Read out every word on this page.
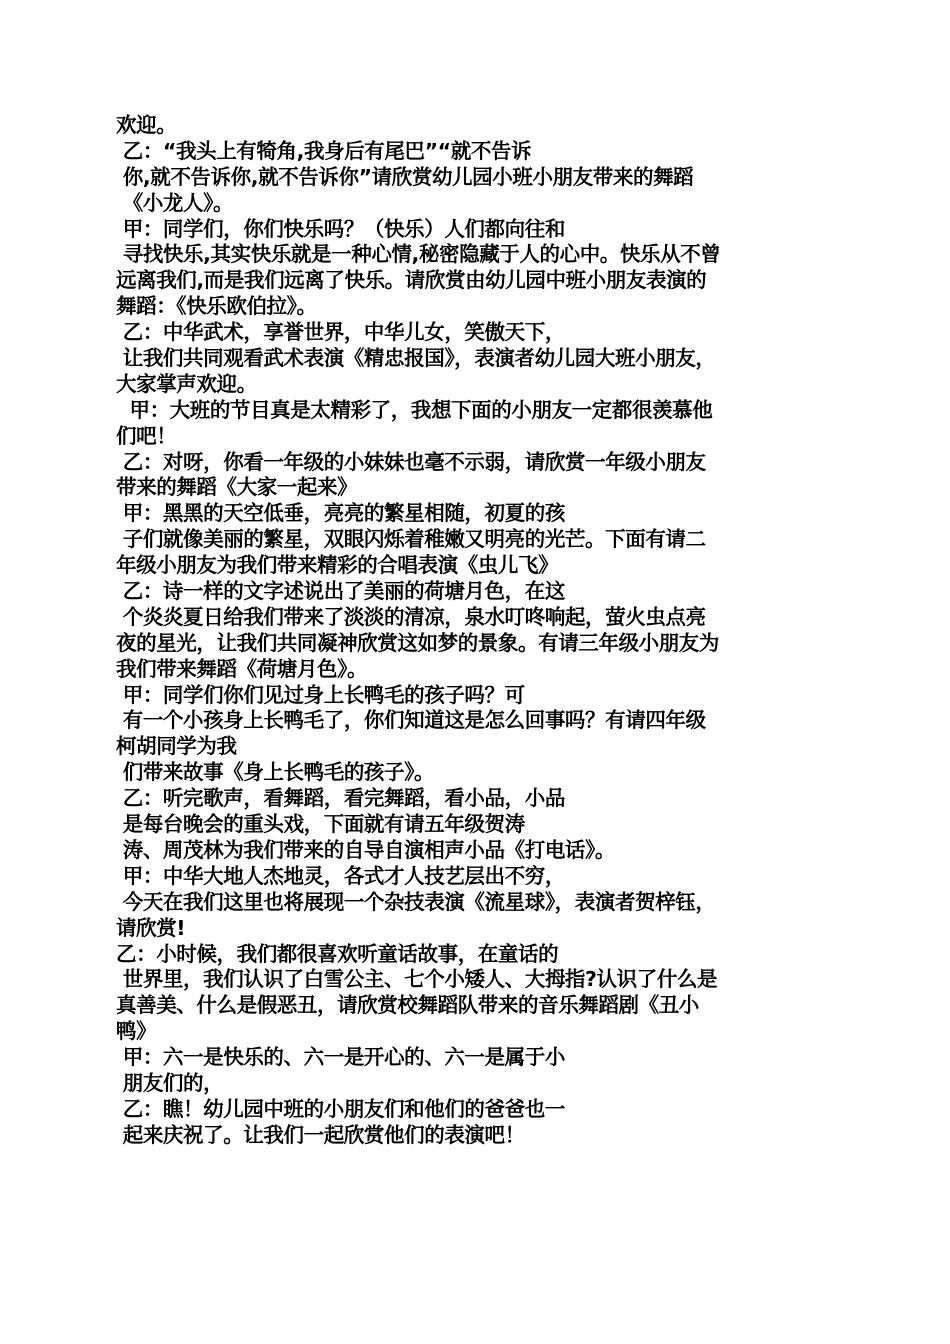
欢迎。
乙：“我头上有犄角,我身后有尾巴”“就不告诉
你,就不告诉你,就不告诉你”请欣赏幼儿园小班小朋友带来的舞蹈
《小龙人》。
甲：同学们，你们快乐吗？（快乐）人们都向往和
寻找快乐,其实快乐就是一种心情,秘密隐藏于人的心中。快乐从不曾
远离我们,而是我们远离了快乐。请欣赏由幼儿园中班小朋友表演的
舞蹈：《快乐欧伯拉》。
乙：中华武术，享誉世界，中华儿女，笑傲天下，
让我们共同观看武术表演《精忠报国》，表演者幼儿园大班小朋友，
大家掌声欢迎。
甲：大班的节目真是太精彩了，我想下面的小朋友一定都很羡慕他
们吧！
乙：对呀，你看一年级的小妹妹也毫不示弱，请欣赏一年级小朋友
带来的舞蹈《大家一起来》
甲：黑黑的天空低垂，亮亮的繁星相随，初夏的孩
子们就像美丽的繁星，双眼闪烁着稚嫩又明亮的光芒。下面有请二
年级小朋友为我们带来精彩的合唱表演《虫儿飞》
乙：诗一样的文字述说出了美丽的荷塘月色，在这
个炎炎夏日给我们带来了淡淡的清凉，泉水叮咚响起，萤火虫点亮
夜的星光，让我们共同凝神欣赏这如梦的景象。有请三年级小朋友为
我们带来舞蹈《荷塘月色》。
甲：同学们你们见过身上长鸭毛的孩子吗？可
有一个小孩身上长鸭毛了，你们知道这是怎么回事吗？有请四年级
柯胡同学为我
们带来故事《身上长鸭毛的孩子》。
乙：听完歌声，看舞蹈，看完舞蹈，看小品，小品
是每台晚会的重头戏，下面就有请五年级贺涛
涛、周茂林为我们带来的自导自演相声小品《打电话》。
甲：中华大地人杰地灵，各式才人技艺层出不穷，
今天在我们这里也将展现一个杂技表演《流星球》，表演者贺梓钰，
请欣赏!
乙：小时候，我们都很喜欢听童话故事，在童话的
世界里，我们认识了白雪公主、七个小矮人、大拇指?认识了什么是
真善美、什么是假恶丑，请欣赏校舞蹈队带来的音乐舞蹈剧《丑小
鸭》
甲：六一是快乐的、六一是开心的、六一是属于小
朋友们的，
乙：瞧！幼儿园中班的小朋友们和他们的爸爸也一
起来庆祝了。让我们一起欣赏他们的表演吧！
